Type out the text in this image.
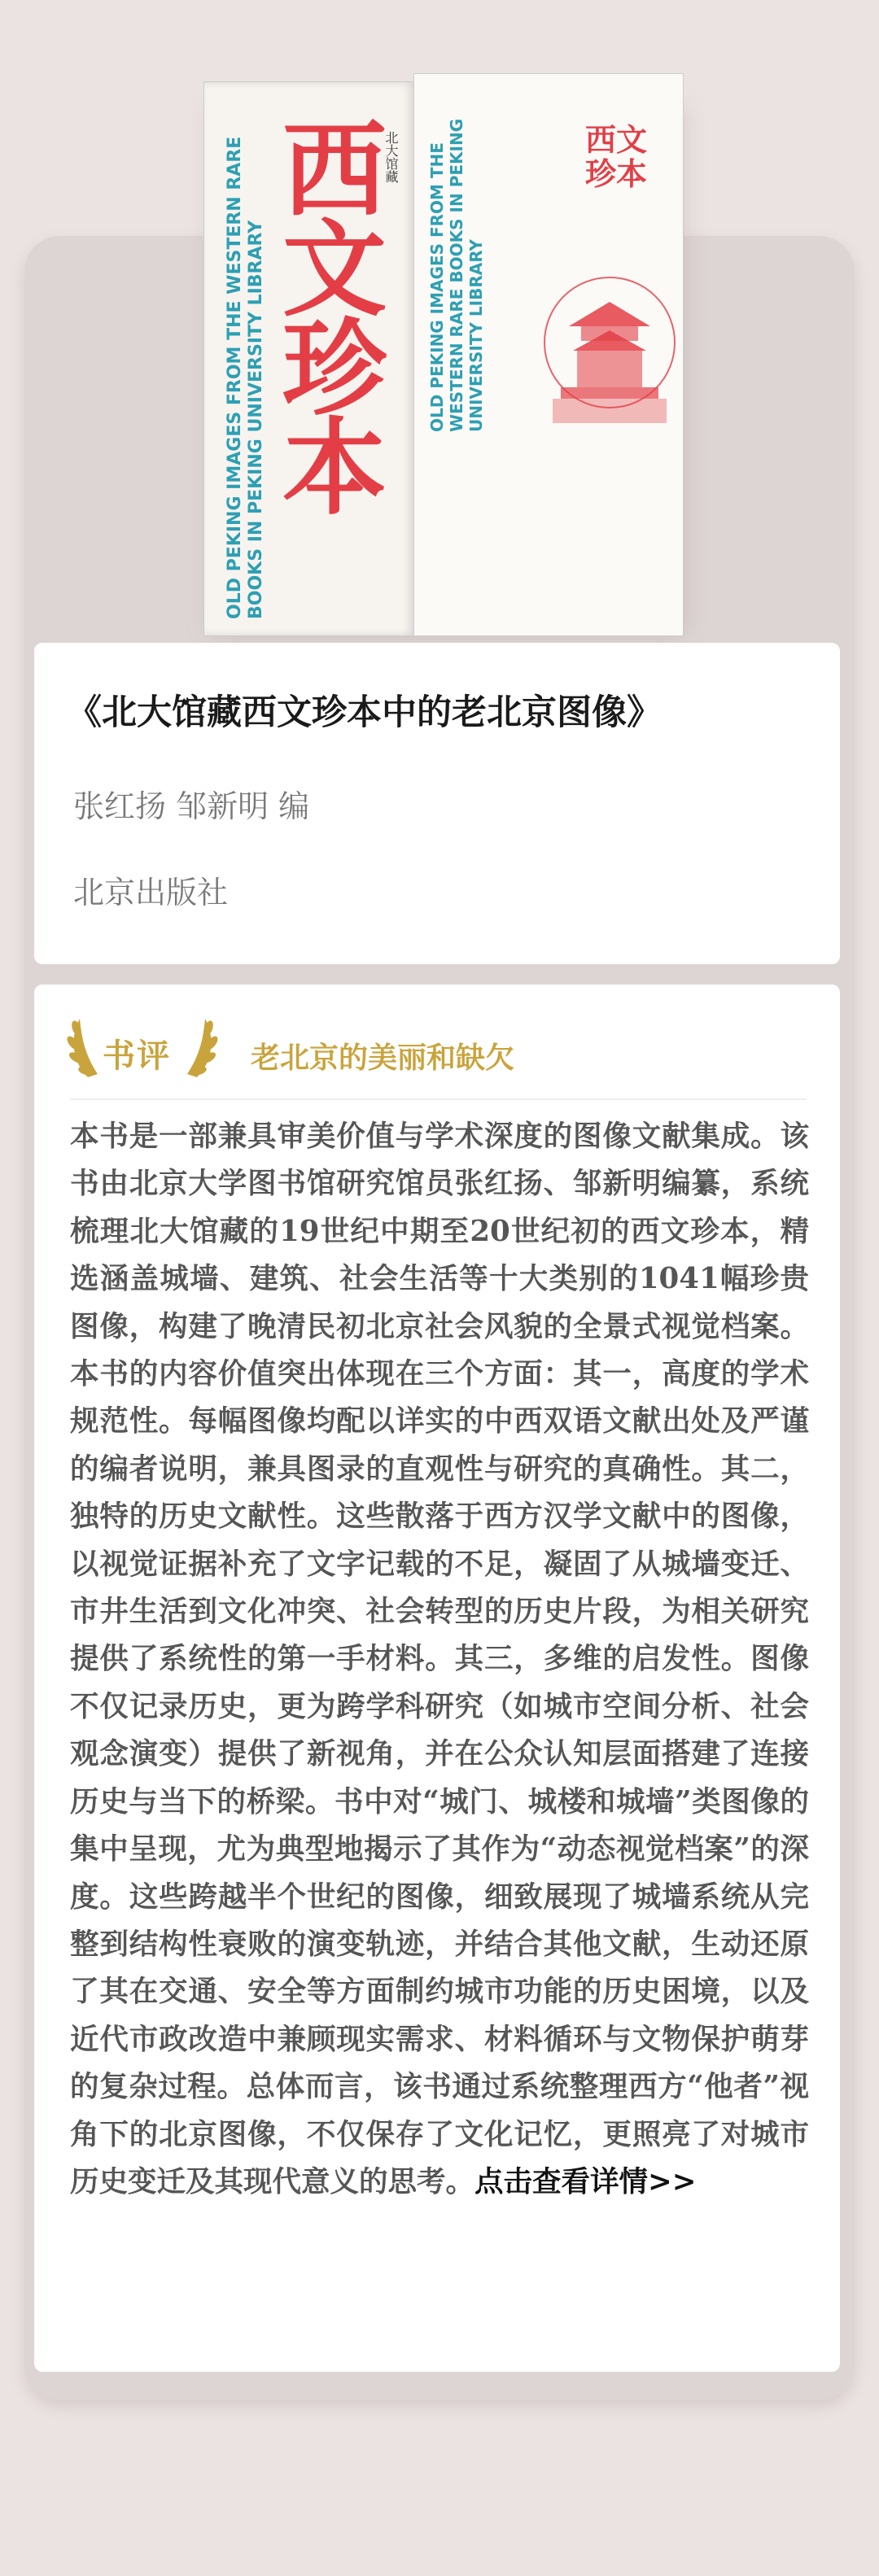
OLD PEKING IMAGES FROM THE WESTERN RARE BOOKS IN PEKING UNIVERSITY LIBRARY
西文珍本
北大馆藏 OLD PEKING IMAGES FROM THE WESTERN RARE BOOKS IN PEKING UNIVERSITY LIBRARY
西文珍本
《北大馆藏西文珍本中的老北京图像》
张红扬 邹新明 编
北京出版社
书评	老北京的美丽和缺欠
本书是一部兼具审美价值与学术深度的图像文献集成。该书由北京大学图书馆研究馆员张红扬、邹新明编纂，系统梳理北大馆藏的19世纪中期至20世纪初的西文珍本，精选涵盖城墙、建筑、社会生活等十大类别的1041幅珍贵图像，构建了晚清民初北京社会风貌的全景式视觉档案。本书的内容价值突出体现在三个方面：其一，高度的学术规范性。每幅图像均配以详实的中西双语文献出处及严谨的编者说明，兼具图录的直观性与研究的真确性。其二，独特的历史文献性。这些散落于西方汉学文献中的图像，以视觉证据补充了文字记载的不足，凝固了从城墙变迁、市井生活到文化冲突、社会转型的历史片段，为相关研究提供了系统性的第一手材料。其三，多维的启发性。图像不仅记录历史，更为跨学科研究（如城市空间分析、社会观念演变）提供了新视角，并在公众认知层面搭建了连接历史与当下的桥梁。书中对“城门、城楼和城墙”类图像的集中呈现，尤为典型地揭示了其作为“动态视觉档案”的深度。这些跨越半个世纪的图像，细致展现了城墙系统从完整到结构性衰败的演变轨迹，并结合其他文献，生动还原了其在交通、安全等方面制约城市功能的历史困境，以及近代市政改造中兼顾现实需求、材料循环与文物保护萌芽的复杂过程。总体而言，该书通过系统整理西方“他者”视角下的北京图像，不仅保存了文化记忆，更照亮了对城市历史变迁及其现代意义的思考。点击查看详情>>
